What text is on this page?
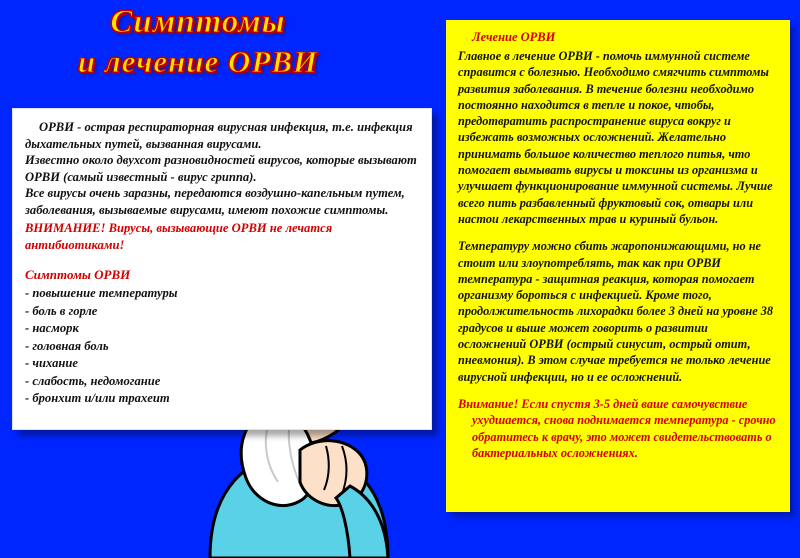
Симптомы
и лечение ОРВИ

ОРВИ - острая респираторная вирусная инфекция, т.е. инфекция дыхательных путей, вызванная вирусами.

Известно около двухсот разновидностей вирусов, которые вызывают ОРВИ (самый известный - вирус гриппа).

Все вирусы очень заразны, передаются воздушно-капельным путем, заболевания, вызываемые вирусами, имеют похожие симптомы.

ВНИМАНИЕ! Вирусы, вызывающие ОРВИ не лечатся антибиотиками!
Симптомы ОРВИ
- повышение температуры
- боль в горле
- насморк
- головная боль
- чихание
- слабость, недомогание
- бронхит и/или трахеит
Лечение ОРВИ

Главное в лечение ОРВИ - помочь иммунной системе справится с болезнью. Необходимо смягчить симптомы развития заболевания. В течение болезни необходимо постоянно находится в тепле и покое, чтобы, предотвратить распространение вируса вокруг и избежать возможных осложнений. Желательно принимать большое количество теплого питья, что помогает вымывать вирусы и токсины из организма и улучшает функционирование иммунной системы. Лучше всего пить разбавленный фруктовый сок, отвары или настои лекарственных трав и куриный бульон.

Температуру можно сбить жаропонижающими, но не стоит или злоупотреблять, так как при ОРВИ температура - защитная реакция, которая помогает организму бороться с инфекцией. Кроме того, продолжительность лихорадки более 3 дней на уровне 38 градусов и выше может говорить о развитии осложнений ОРВИ (острый синусит, острый отит, пневмония). В этом случае требуется не только лечение вирусной инфекции, но и ее осложнений.

Внимание! Если спустя 3-5 дней ваше самочувствие ухудшается, снова поднимается температура - срочно обратитесь к врачу, это может свидетельствовать о бактериальных осложнениях.
